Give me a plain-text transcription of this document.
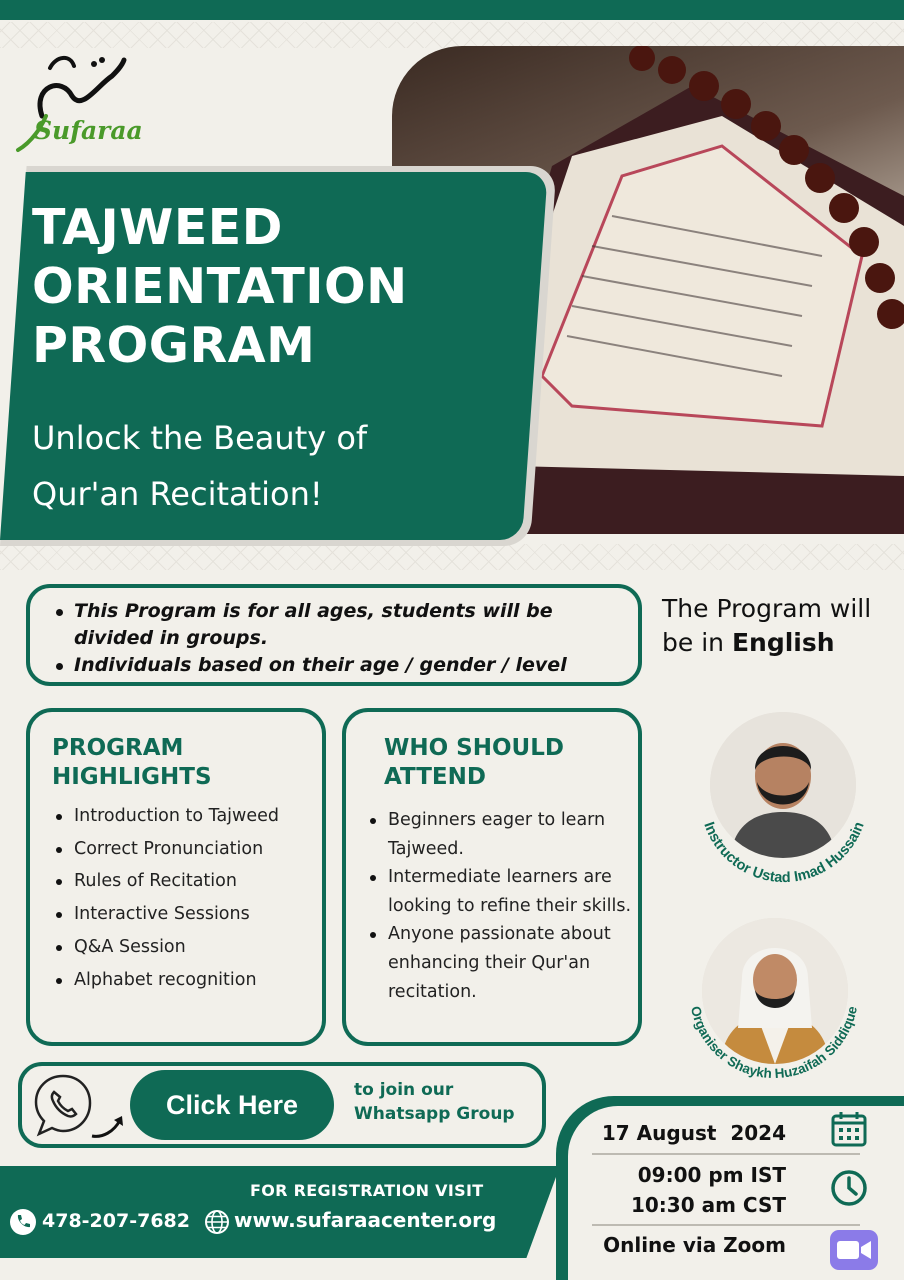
Sufaraa
TAJWEED
ORIENTATION
PROGRAM
Unlock the Beauty of Qur'an Recitation!
This Program is for all ages, students will be divided in groups.
Individuals based on their age / gender / level
The Program will be in English
PROGRAM HIGHLIGHTS
Introduction to Tajweed
Correct Pronunciation
Rules of Recitation
Interactive Sessions
Q&A Session
Alphabet recognition
WHO SHOULD ATTEND
Beginners eager to learn Tajweed.
Intermediate learners are looking to refine their skills.
Anyone passionate about enhancing their Qur'an recitation.
Instructor Ustad Imad Hussain
Organiser Shaykh Huzaifah Siddique
Click Here	to join our Whatsapp Group
FOR REGISTRATION VISIT
478-207-7682 www.sufaraacenter.org
17 August  2024
09:00 pm IST
10:30 am CST
Online via Zoom
